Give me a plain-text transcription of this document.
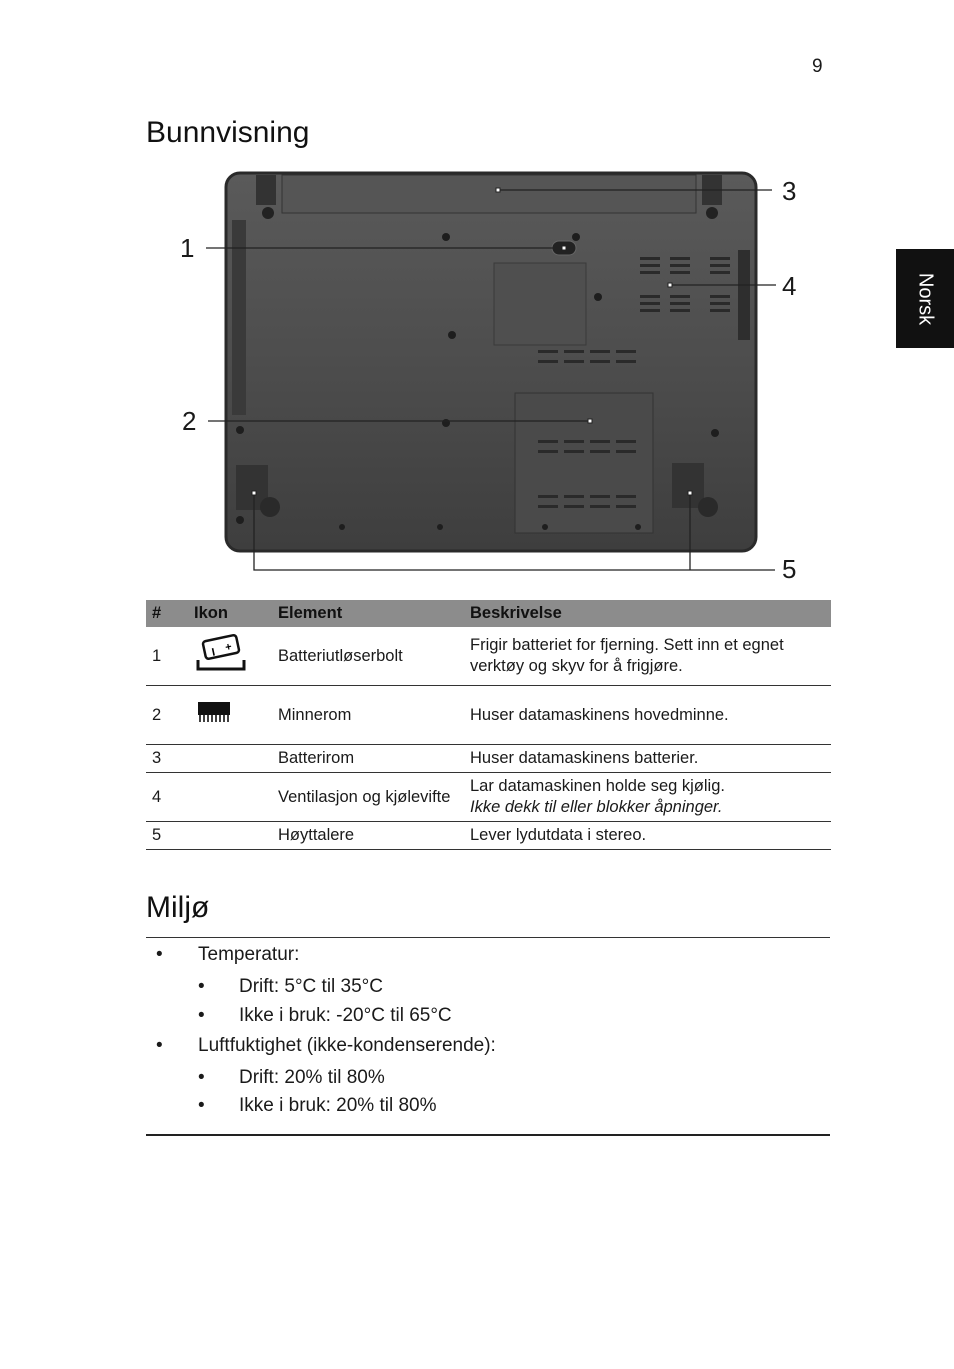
9
Norsk
Bunnvisning
1
2
3
4
5
#	Ikon	Element	Beskrivelse
1	I +	Batteriutløserbolt	Frigir batteriet for fjerning. Sett inn et egnet verktøy og skyv for å frigjøre.
2		Minnerom	Huser datamaskinens hovedminne.
3		Batterirom	Huser datamaskinens batterier.
4		Ventilasjon og kjølevifte	Lar datamaskinen holde seg kjølig.
Ikke dekk til eller blokker åpninger.

5		Høyttalere	Lever lydutdata i stereo.
Miljø
• Temperatur:
• Drift: 5°C til 35°C
• Ikke i bruk: -20°C til 65°C
• Luftfuktighet (ikke-kondenserende):
• Drift: 20% til 80%
• Ikke i bruk: 20% til 80%
